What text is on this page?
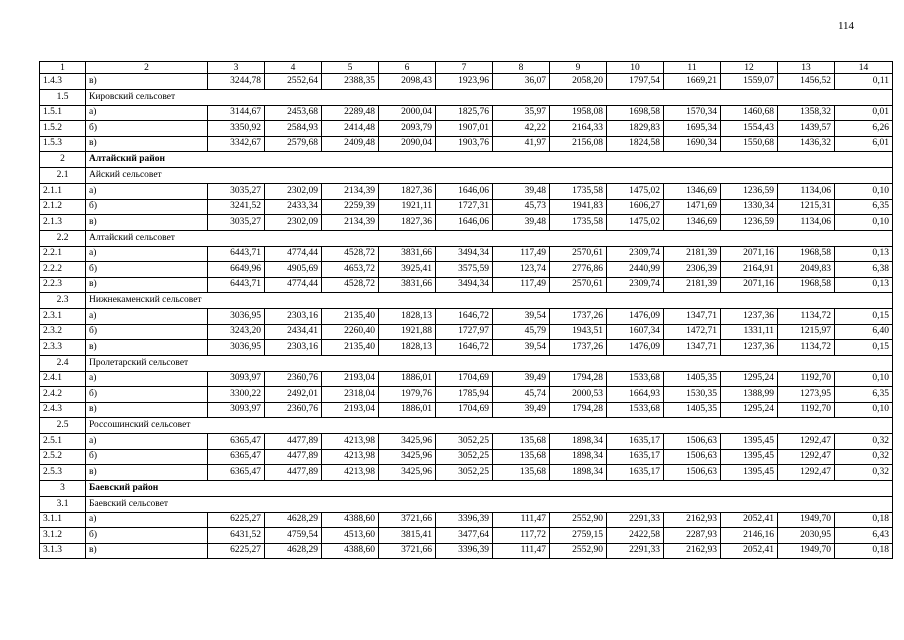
114
1	2	3	4	5	6	7	8	9	10	11	12	13	14
1.4.3	в)	3244,78	2552,64	2388,35	2098,43	1923,96	36,07	2058,20	1797,54	1669,21	1559,07	1456,52	0,11
1.5	Кировский сельсовет												
1.5.1	а)	3144,67	2453,68	2289,48	2000,04	1825,76	35,97	1958,08	1698,58	1570,34	1460,68	1358,32	0,01
1.5.2	б)	3350,92	2584,93	2414,48	2093,79	1907,01	42,22	2164,33	1829,83	1695,34	1554,43	1439,57	6,26
1.5.3	в)	3342,67	2579,68	2409,48	2090,04	1903,76	41,97	2156,08	1824,58	1690,34	1550,68	1436,32	6,01
2	Алтайский район												
2.1	Айский сельсовет												
2.1.1	а)	3035,27	2302,09	2134,39	1827,36	1646,06	39,48	1735,58	1475,02	1346,69	1236,59	1134,06	0,10
2.1.2	б)	3241,52	2433,34	2259,39	1921,11	1727,31	45,73	1941,83	1606,27	1471,69	1330,34	1215,31	6,35
2.1.3	в)	3035,27	2302,09	2134,39	1827,36	1646,06	39,48	1735,58	1475,02	1346,69	1236,59	1134,06	0,10
2.2	Алтайский сельсовет												
2.2.1	а)	6443,71	4774,44	4528,72	3831,66	3494,34	117,49	2570,61	2309,74	2181,39	2071,16	1968,58	0,13
2.2.2	б)	6649,96	4905,69	4653,72	3925,41	3575,59	123,74	2776,86	2440,99	2306,39	2164,91	2049,83	6,38
2.2.3	в)	6443,71	4774,44	4528,72	3831,66	3494,34	117,49	2570,61	2309,74	2181,39	2071,16	1968,58	0,13
2.3	Нижнекаменский сельсовет												
2.3.1	а)	3036,95	2303,16	2135,40	1828,13	1646,72	39,54	1737,26	1476,09	1347,71	1237,36	1134,72	0,15
2.3.2	б)	3243,20	2434,41	2260,40	1921,88	1727,97	45,79	1943,51	1607,34	1472,71	1331,11	1215,97	6,40
2.3.3	в)	3036,95	2303,16	2135,40	1828,13	1646,72	39,54	1737,26	1476,09	1347,71	1237,36	1134,72	0,15
2.4	Пролетарский сельсовет												
2.4.1	а)	3093,97	2360,76	2193,04	1886,01	1704,69	39,49	1794,28	1533,68	1405,35	1295,24	1192,70	0,10
2.4.2	б)	3300,22	2492,01	2318,04	1979,76	1785,94	45,74	2000,53	1664,93	1530,35	1388,99	1273,95	6,35
2.4.3	в)	3093,97	2360,76	2193,04	1886,01	1704,69	39,49	1794,28	1533,68	1405,35	1295,24	1192,70	0,10
2.5	Россошинский сельсовет												
2.5.1	а)	6365,47	4477,89	4213,98	3425,96	3052,25	135,68	1898,34	1635,17	1506,63	1395,45	1292,47	0,32
2.5.2	б)	6365,47	4477,89	4213,98	3425,96	3052,25	135,68	1898,34	1635,17	1506,63	1395,45	1292,47	0,32
2.5.3	в)	6365,47	4477,89	4213,98	3425,96	3052,25	135,68	1898,34	1635,17	1506,63	1395,45	1292,47	0,32
3	Баевский район												
3.1	Баевский сельсовет												
3.1.1	а)	6225,27	4628,29	4388,60	3721,66	3396,39	111,47	2552,90	2291,33	2162,93	2052,41	1949,70	0,18
3.1.2	б)	6431,52	4759,54	4513,60	3815,41	3477,64	117,72	2759,15	2422,58	2287,93	2146,16	2030,95	6,43
3.1.3	в)	6225,27	4628,29	4388,60	3721,66	3396,39	111,47	2552,90	2291,33	2162,93	2052,41	1949,70	0,18
